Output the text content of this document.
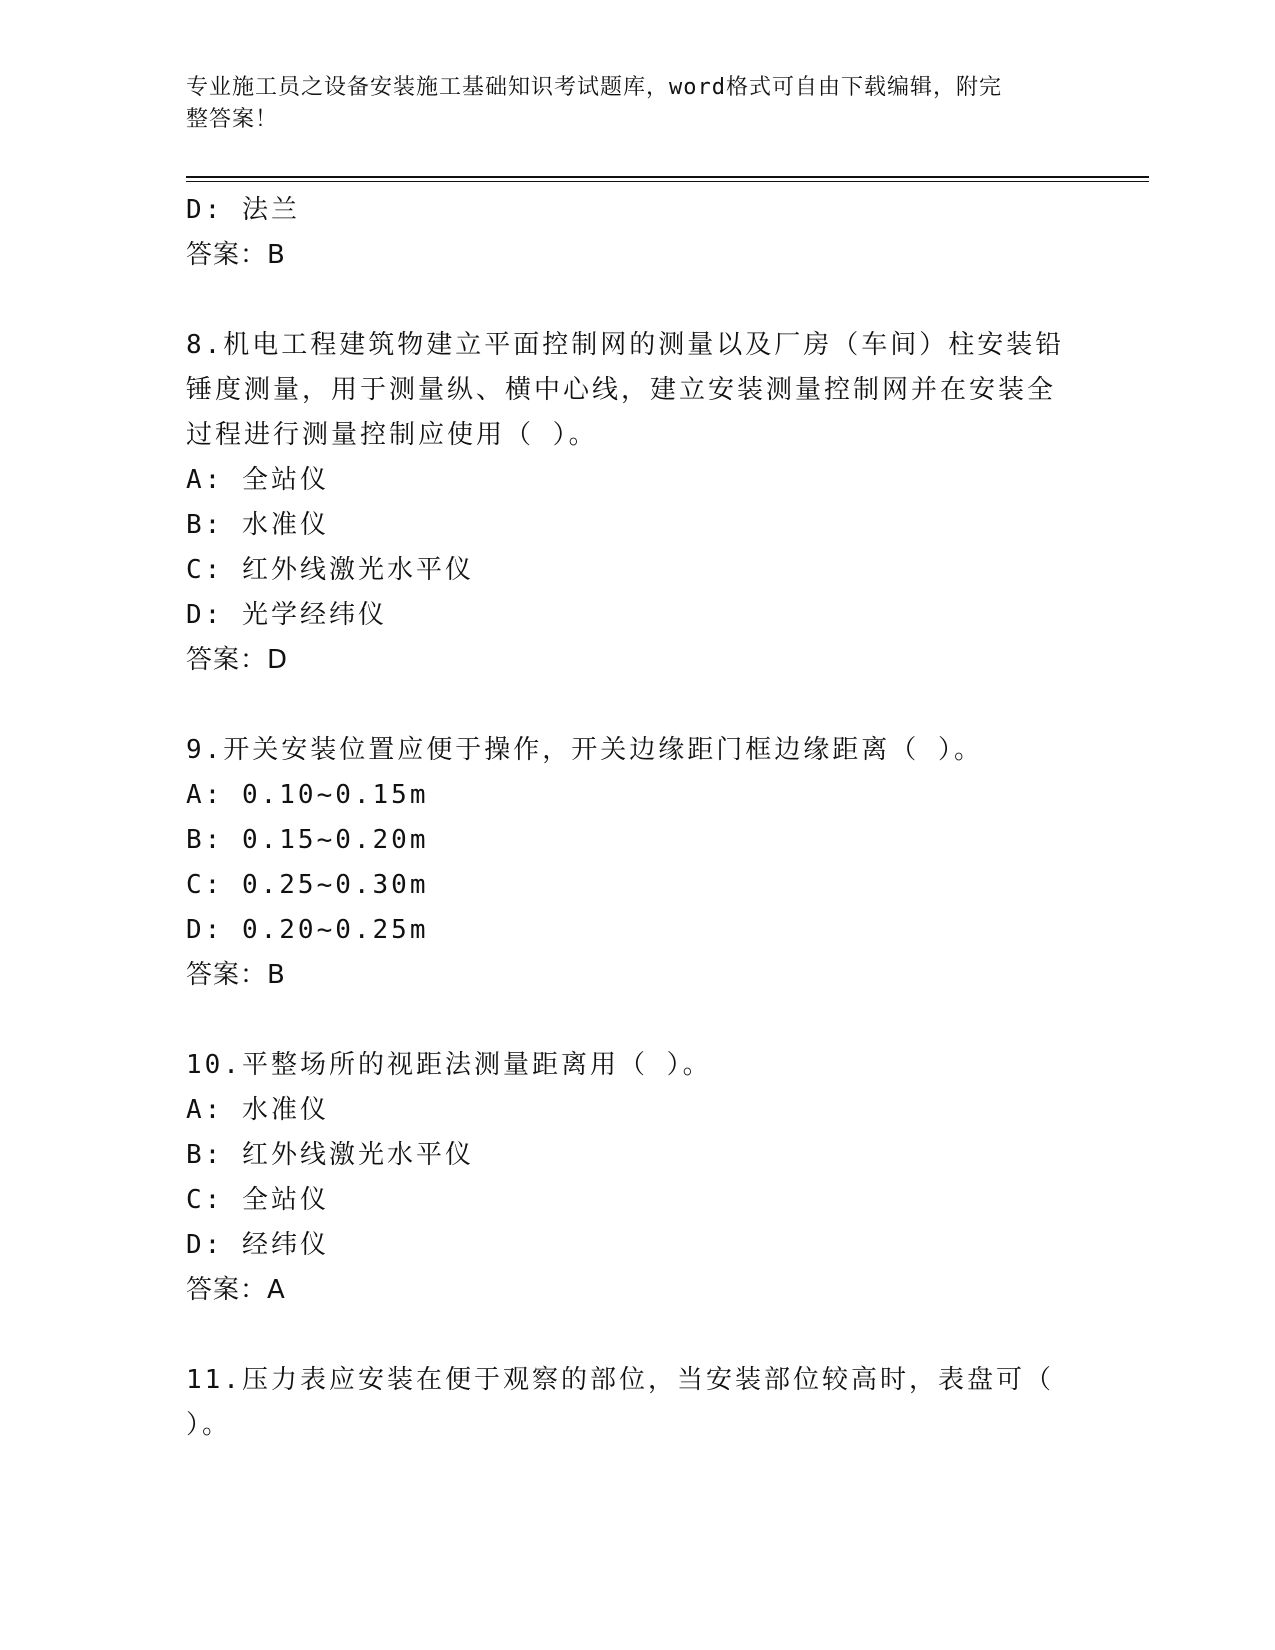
专业施工员之设备安装施工基础知识考试题库，word格式可自由下载编辑，附完
整答案！
D: 法兰
答案：B
8.机电工程建筑物建立平面控制网的测量以及厂房（车间）柱安装铅
锤度测量，用于测量纵、横中心线，建立安装测量控制网并在安装全
过程进行测量控制应使用（ ）。
A: 全站仪
B: 水准仪
C: 红外线激光水平仪
D: 光学经纬仪
答案：D
9.开关安装位置应便于操作，开关边缘距门框边缘距离（ ）。
A: 0.10~0.15m
B: 0.15~0.20m
C: 0.25~0.30m
D: 0.20~0.25m
答案：B
10.平整场所的视距法测量距离用（ ）。
A: 水准仪
B: 红外线激光水平仪
C: 全站仪
D: 经纬仪
答案：A
11.压力表应安装在便于观察的部位，当安装部位较高时，表盘可（
）。
